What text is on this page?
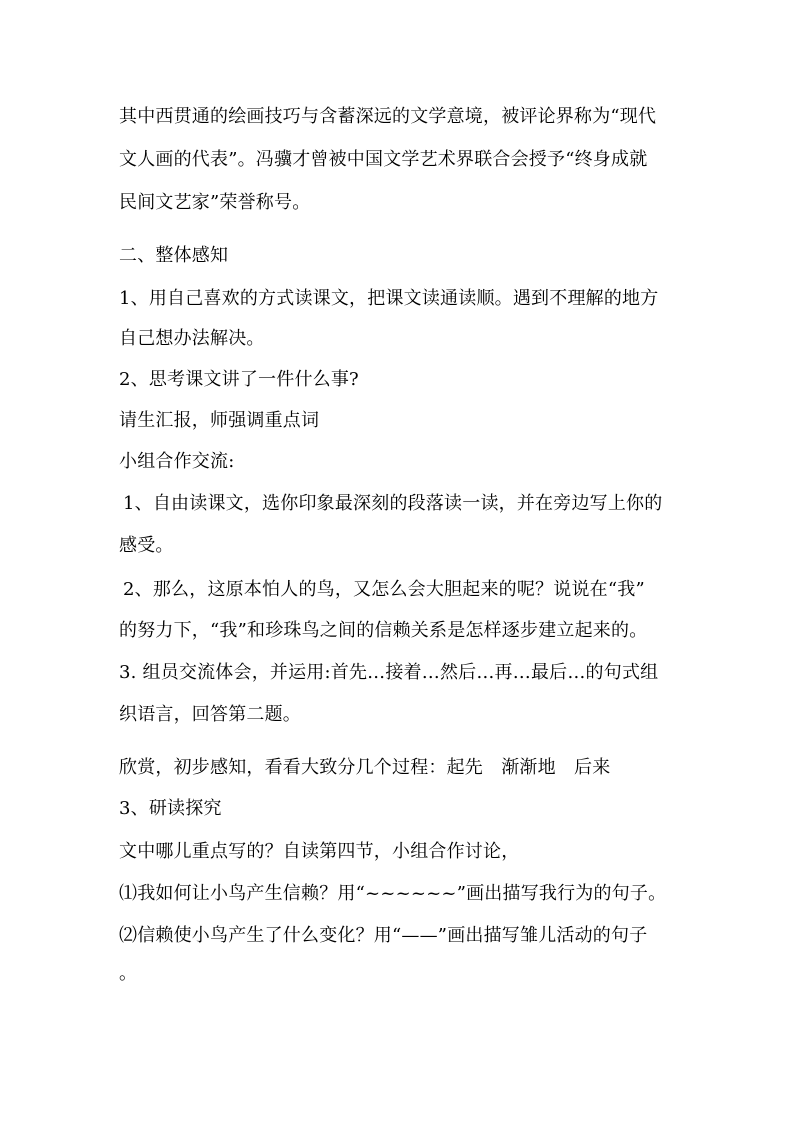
其中西贯通的绘画技巧与含蓄深远的文学意境，被评论界称为“现代

文人画的代表”。冯骥才曾被中国文学艺术界联合会授予“终身成就

民间文艺家”荣誉称号。

二、整体感知

1、用自己喜欢的方式读课文，把课文读通读顺。遇到不理解的地方

自己想办法解决。

2、思考课文讲了一件什么事?

请生汇报，师强调重点词

小组合作交流:

1、自由读课文，选你印象最深刻的段落读一读，并在旁边写上你的

感受。

2、那么，这原本怕人的鸟，又怎么会大胆起来的呢？说说在“我”

的努力下，“我”和珍珠鸟之间的信赖关系是怎样逐步建立起来的。

3. 组员交流体会，并运用:首先…接着…然后…再…最后…的句式组

织语言，回答第二题。

欣赏，初步感知，看看大致分几个过程：起先　渐渐地　后来

3、研读探究

文中哪儿重点写的？自读第四节，小组合作讨论，

⑴我如何让小鸟产生信赖？用“~~~~~~”画出描写我行为的句子。

⑵信赖使小鸟产生了什么变化？用“——”画出描写雏儿活动的句子

。
